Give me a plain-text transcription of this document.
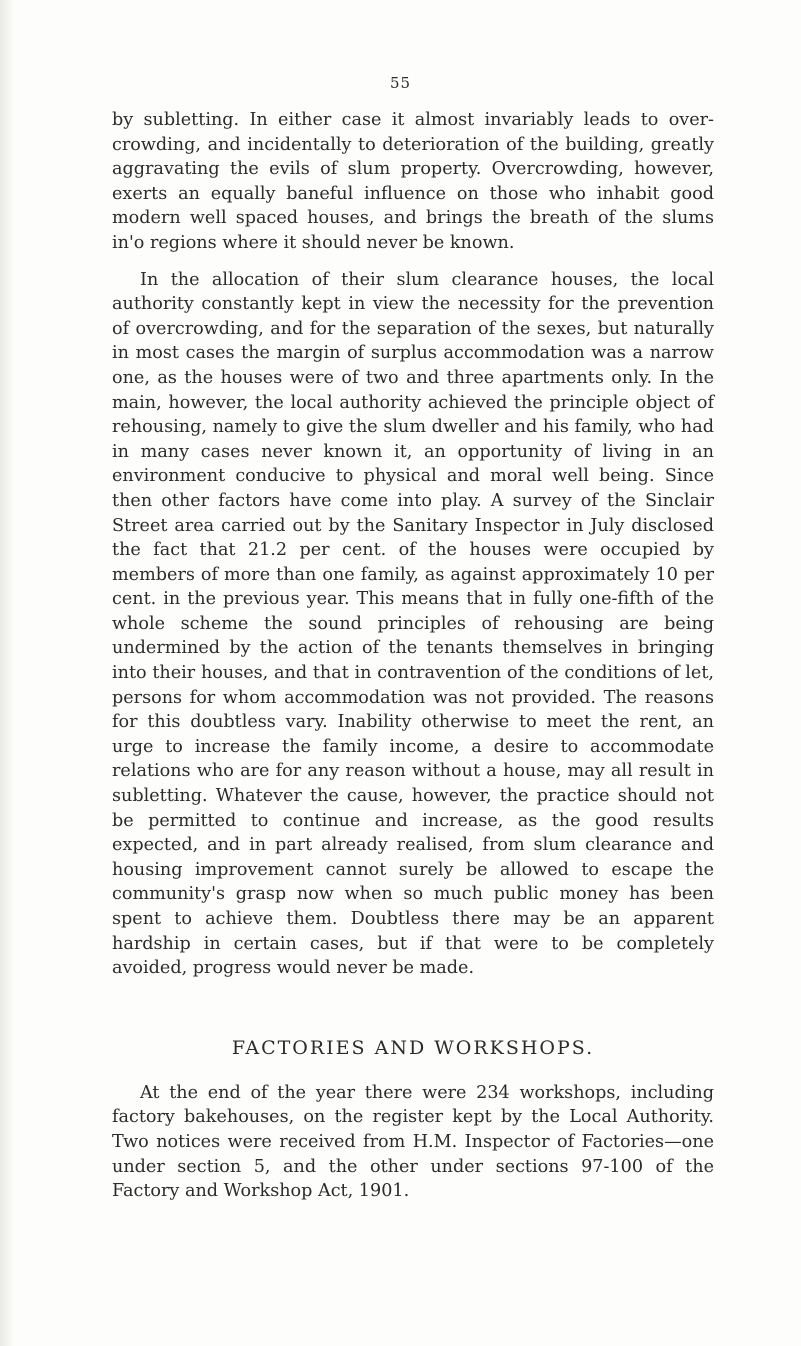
55

by subletting. In either case it almost invariably leads to over-crowding, and incidentally to deterioration of the building, greatly aggravating the evils of slum property. Overcrowding, however, exerts an equally baneful influence on those who inhabit good modern well spaced houses, and brings the breath of the slums in'o regions where it should never be known.

In the allocation of their slum clearance houses, the local authority constantly kept in view the necessity for the prevention of overcrowding, and for the separation of the sexes, but naturally in most cases the margin of surplus accommodation was a narrow one, as the houses were of two and three apartments only. In the main, however, the local authority achieved the principle object of rehousing, namely to give the slum dweller and his family, who had in many cases never known it, an opportunity of living in an environment conducive to physical and moral well being. Since then other factors have come into play. A survey of the Sinclair Street area carried out by the Sanitary Inspector in July disclosed the fact that 21.2 per cent. of the houses were occupied by members of more than one family, as against approximately 10 per cent. in the previous year. This means that in fully one-fifth of the whole scheme the sound principles of rehousing are being undermined by the action of the tenants themselves in bringing into their houses, and that in contravention of the conditions of let, persons for whom accommodation was not provided. The reasons for this doubtless vary. Inability otherwise to meet the rent, an urge to increase the family income, a desire to accommodate relations who are for any reason without a house, may all result in subletting. Whatever the cause, however, the practice should not be permitted to continue and increase, as the good results expected, and in part already realised, from slum clearance and housing improvement cannot surely be allowed to escape the community's grasp now when so much public money has been spent to achieve them. Doubtless there may be an apparent hardship in certain cases, but if that were to be completely avoided, progress would never be made.

FACTORIES AND WORKSHOPS.

At the end of the year there were 234 workshops, including factory bakehouses, on the register kept by the Local Authority. Two notices were received from H.M. Inspector of Factories—one under section 5, and the other under sections 97-100 of the Factory and Workshop Act, 1901.
